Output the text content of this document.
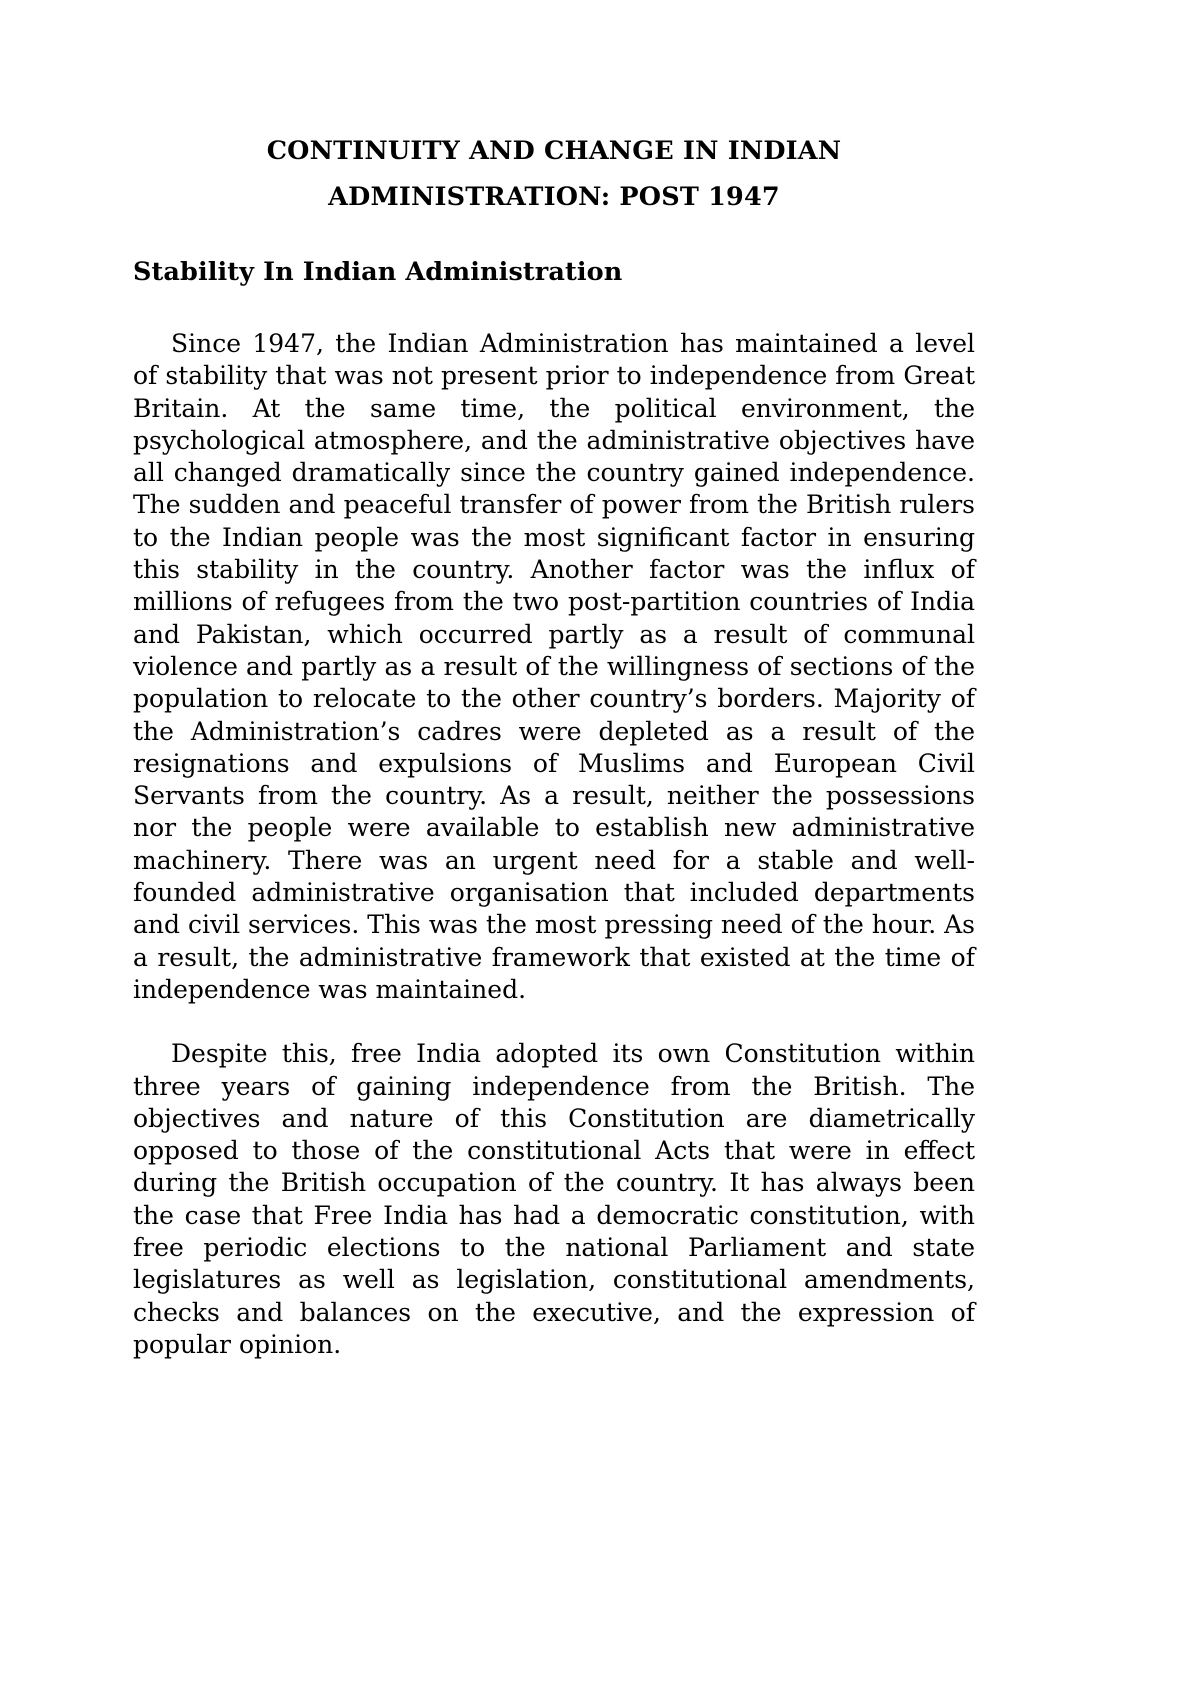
CONTINUITY AND CHANGE IN INDIAN
ADMINISTRATION: POST 1947
Stability In Indian Administration

Since 1947, the Indian Administration has maintained a level of stability that was not present prior to independence from Great Britain. At the same time, the political environment, the psychological atmosphere, and the administrative objectives have all changed dramatically since the country gained independence. The sudden and peaceful transfer of power from the British rulers to the Indian people was the most significant factor in ensuring this stability in the country. Another factor was the influx of millions of refugees from the two post-partition countries of India and Pakistan, which occurred partly as a result of communal violence and partly as a result of the willingness of sections of the population to relocate to the other country’s borders. Majority of the Administration’s cadres were depleted as a result of the resignations and expulsions of Muslims and European Civil Servants from the country. As a result, neither the possessions nor the people were available to establish new administrative machinery. There was an urgent need for a stable and well-founded administrative organisation that included departments and civil services. This was the most pressing need of the hour. As a result, the administrative framework that existed at the time of independence was maintained.

Despite this, free India adopted its own Constitution within three years of gaining independence from the British. The objectives and nature of this Constitution are diametrically opposed to those of the constitutional Acts that were in effect during the British occupation of the country. It has always been the case that Free India has had a democratic constitution, with free periodic elections to the national Parliament and state legislatures as well as legislation, constitutional amendments, checks and balances on the executive, and the expression of popular opinion.
